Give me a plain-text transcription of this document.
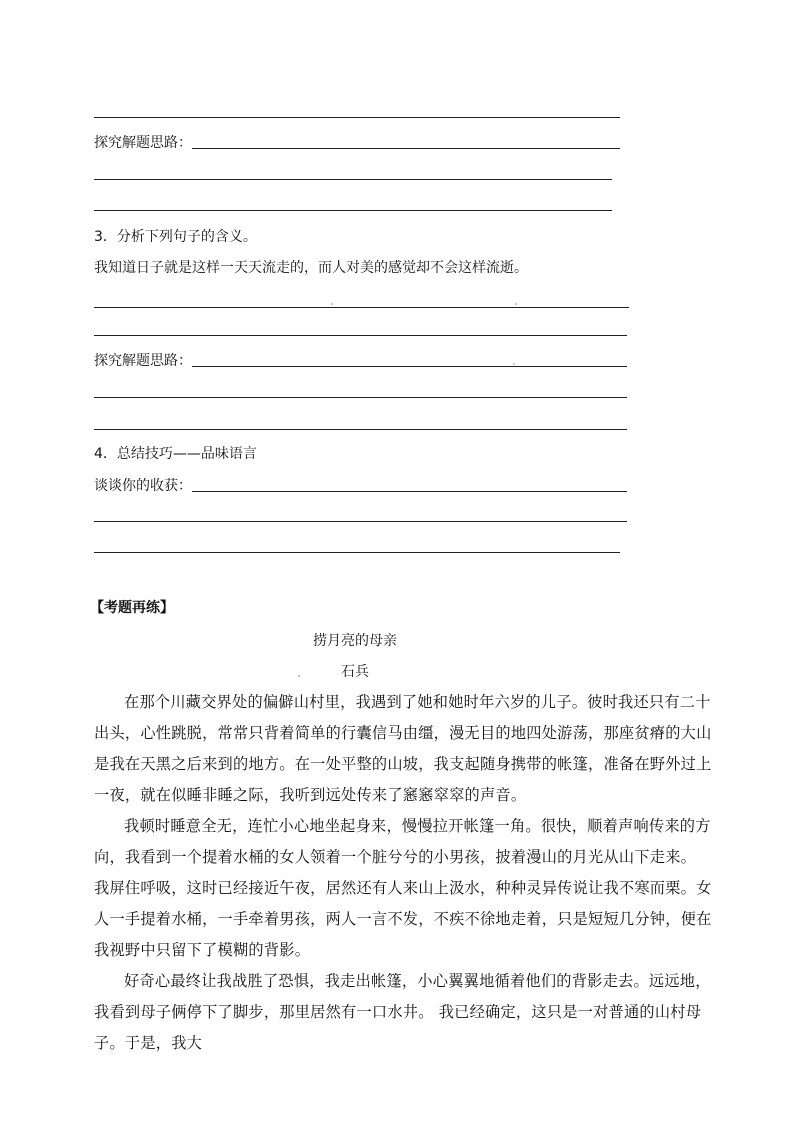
探究解题思路：
3．分析下列句子的含义。
我知道日子就是这样一天天流走的，而人对美的感觉却不会这样流逝。
探究解题思路：
4．总结技巧——品味语言
谈谈你的收获：
【考题再练】
捞月亮的母亲
石兵
在那个川藏交界处的偏僻山村里，我遇到了她和她时年六岁的儿子。彼时我还只有二十出头，心性跳脱，常常只背着简单的行囊信马由缰，漫无目的地四处游荡，那座贫瘠的大山是我在天黑之后来到的地方。在一处平整的山坡，我支起随身携带的帐篷，准备在野外过上一夜，就在似睡非睡之际，我听到远处传来了窸窸窣窣的声音。
我顿时睡意全无，连忙小心地坐起身来，慢慢拉开帐篷一角。很快，顺着声响传来的方向，我看到一个提着水桶的女人领着一个脏兮兮的小男孩，披着漫山的月光从山下走来。
我屏住呼吸，这时已经接近午夜，居然还有人来山上汲水，种种灵异传说让我不寒而栗。女人一手提着水桶，一手牵着男孩，两人一言不发，不疾不徐地走着，只是短短几分钟，便在我视野中只留下了模糊的背影。
好奇心最终让我战胜了恐惧，我走出帐篷，小心翼翼地循着他们的背影走去。远远地，我看到母子俩停下了脚步，那里居然有一口水井。 我已经确定，这只是一对普通的山村母子。于是，我大
